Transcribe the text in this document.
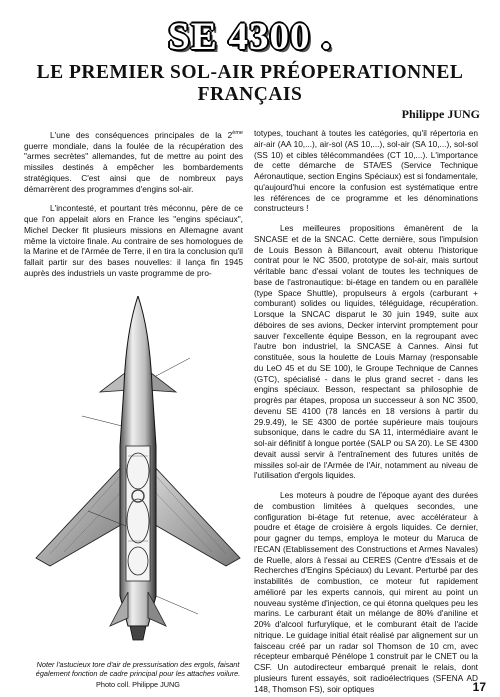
SE 4300 .
LE PREMIER SOL-AIR PRÉOPERATIONNEL
FRANÇAIS
Philippe JUNG

L'une des conséquences principales de la 2ème guerre mondiale, dans la foulée de la récupération des "armes secrètes" allemandes, fut de mettre au point des missiles destinés à empêcher les bombardements stratégiques. C'est ainsi que de nombreux pays démarrèrent des programmes d'engins sol-air.

L'incontesté, et pourtant très méconnu, père de ce que l'on appelait alors en France les "engins spéciaux", Michel Decker fit plusieurs missions en Allemagne avant même la victoire finale. Au contraire de ses homologues de la Marine et de l'Armée de Terre, il en tira la conclusion qu'il fallait partir sur des bases nouvelles: il lança fin 1945 auprès des industriels un vaste programme de pro-

totypes, touchant à toutes les catégories, qu'il répertoria en air-air (AA 10,...), air-sol (AS 10,...), sol-air (SA 10,...), sol-sol (SS 10) et cibles télécommandées (CT 10,...). L'importance de cette démarche de STA/ES (Service Technique Aéronautique, section Engins Spéciaux) est si fondamentale, qu'aujourd'hui encore la confusion est systématique entre les références de ce programme et les dénominations constructeurs !

Les meilleures propositions émanèrent de la SNCASE et de la SNCAC. Cette dernière, sous l'impulsion de Louis Besson à Billancourt, avait obtenu l'historique contrat pour le NC 3500, prototype de sol-air, mais surtout véritable banc d'essai volant de toutes les techniques de base de l'astronautique: bi-étage en tandem ou en parallèle (type Space Shuttle), propulseurs à ergols (carburant + comburant) solides ou liquides, téléguidage, récupération. Lorsque la SNCAC disparut le 30 juin 1949, suite aux déboires de ses avions, Decker intervint promptement pour sauver l'excellente équipe Besson, en la regroupant avec l'autre bon industriel, la SNCASE à Cannes. Ainsi fut constituée, sous la houlette de Louis Marnay (responsable du LeO 45 et du SE 100), le Groupe Technique de Cannes (GTC), spécialisé - dans le plus grand secret - dans les engins spéciaux. Besson, respectant sa philosophie de progrès par étapes, proposa un successeur à son NC 3500, devenu SE 4100 (78 lancés en 18 versions à partir du 29.9.49), le SE 4300 de portée supérieure mais toujours subsonique, dans le cadre du SA 11, intermédiaire avant le sol-air définitif à longue portée (SALP ou SA 20). Le SE 4300 devait aussi servir à l'entraînement des futures unités de missiles sol-air de l'Armée de l'Air, notamment au niveau de l'utilisation d'ergols liquides.

Les moteurs à poudre de l'époque ayant des durées de combustion limitées à quelques secondes, une configuration bi-étage fut retenue, avec accélérateur à poudre et étage de croisière à ergols liquides. Ce dernier, pour gagner du temps, employa le moteur du Maruca de l'ECAN (Etablissement des Constructions et Armes Navales) de Ruelle, alors à l'essai au CERES (Centre d'Essais et de Recherches d'Engins Spéciaux) du Levant. Perturbé par des instabilités de combustion, ce moteur fut rapidement amélioré par les experts cannois, qui mirent au point un nouveau système d'injection, ce qui étonna quelques peu les marins. Le carburant était un mélange de 80% d'aniline et 20% d'alcool furfurylique, et le comburant était de l'acide nitrique. Le guidage initial était réalisé par alignement sur un faisceau créé par un radar sol Thomson de 10 cm, avec récepteur embarqué Pénélope 1 construit par le CNET ou la CSF. Un autodirecteur embarqué prenait le relais, dont plusieurs furent essayés, soit radioélectriques (SFENA AD 148, Thomson FS), soir optiques

Noter l'astucieux tore d'air de pressurisation des ergols, faisant également fonction de cadre principal pour les attaches voilure.
Photo coll. Philippe JUNG	17
